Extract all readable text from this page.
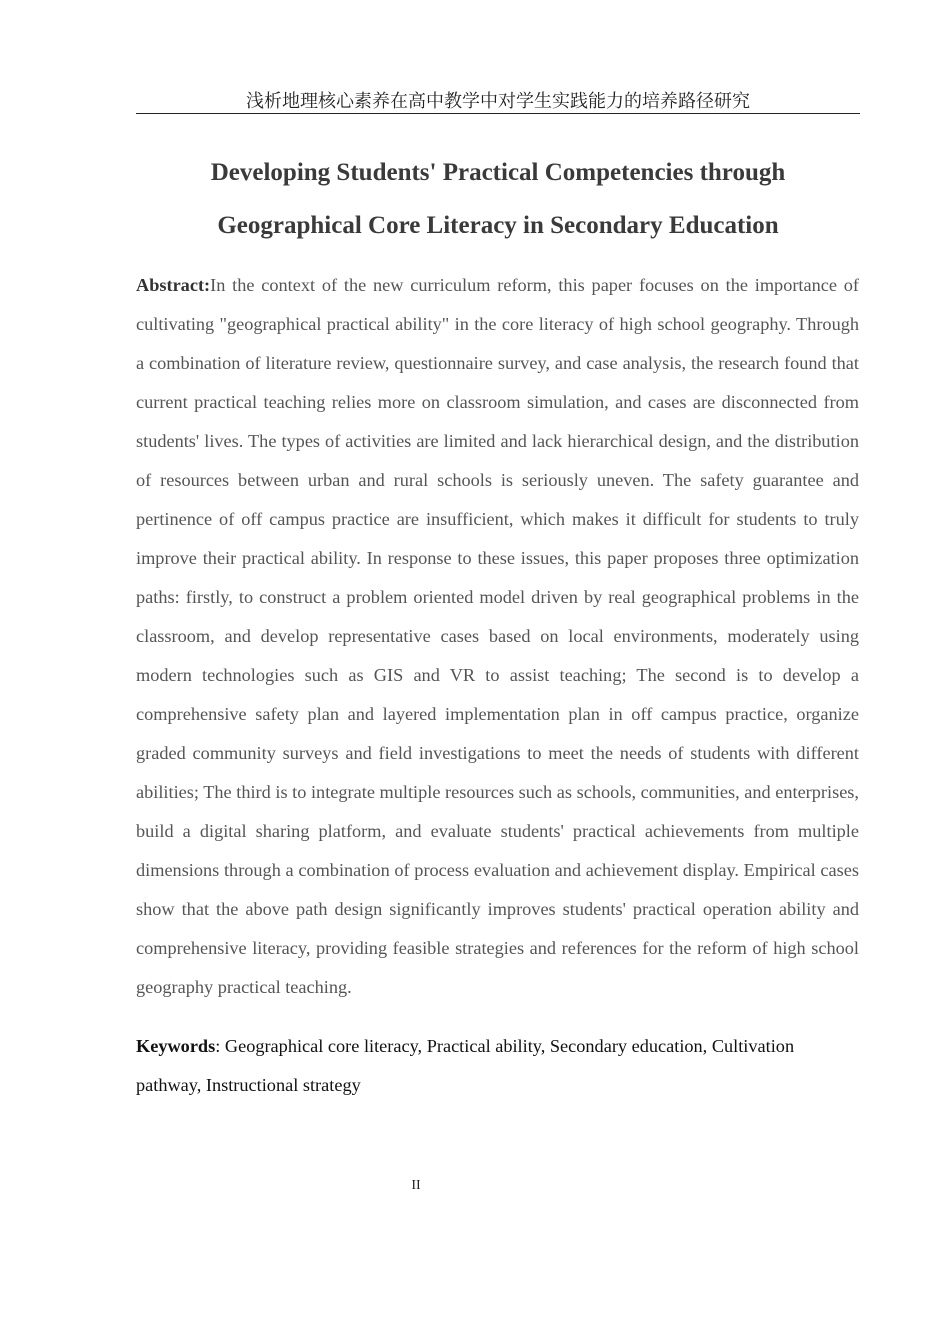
浅析地理核心素养在高中教学中对学生实践能力的培养路径研究
Developing Students' Practical Competencies through
Geographical Core Literacy in Secondary Education
Abstract:In the context of the new curriculum reform, this paper focuses on the importance of cultivating "geographical practical ability" in the core literacy of high school geography. Through a combination of literature review, questionnaire survey, and case analysis, the research found that current practical teaching relies more on classroom simulation, and cases are disconnected from students' lives. The types of activities are limited and lack hierarchical design, and the distribution of resources between urban and rural schools is seriously uneven. The safety guarantee and pertinence of off campus practice are insufficient, which makes it difficult for students to truly improve their practical ability. In response to these issues, this paper proposes three optimization paths: firstly, to construct a problem oriented model driven by real geographical problems in the classroom, and develop representative cases based on local environments, moderately using modern technologies such as GIS and VR to assist teaching; The second is to develop a comprehensive safety plan and layered implementation plan in off campus practice, organize graded community surveys and field investigations to meet the needs of students with different abilities; The third is to integrate multiple resources such as schools, communities, and enterprises, build a digital sharing platform, and evaluate students' practical achievements from multiple dimensions through a combination of process evaluation and achievement display. Empirical cases show that the above path design significantly improves students' practical operation ability and comprehensive literacy, providing feasible strategies and references for the reform of high school geography practical teaching.
Keywords: Geographical core literacy, Practical ability, Secondary education, Cultivation pathway, Instructional strategy
II
